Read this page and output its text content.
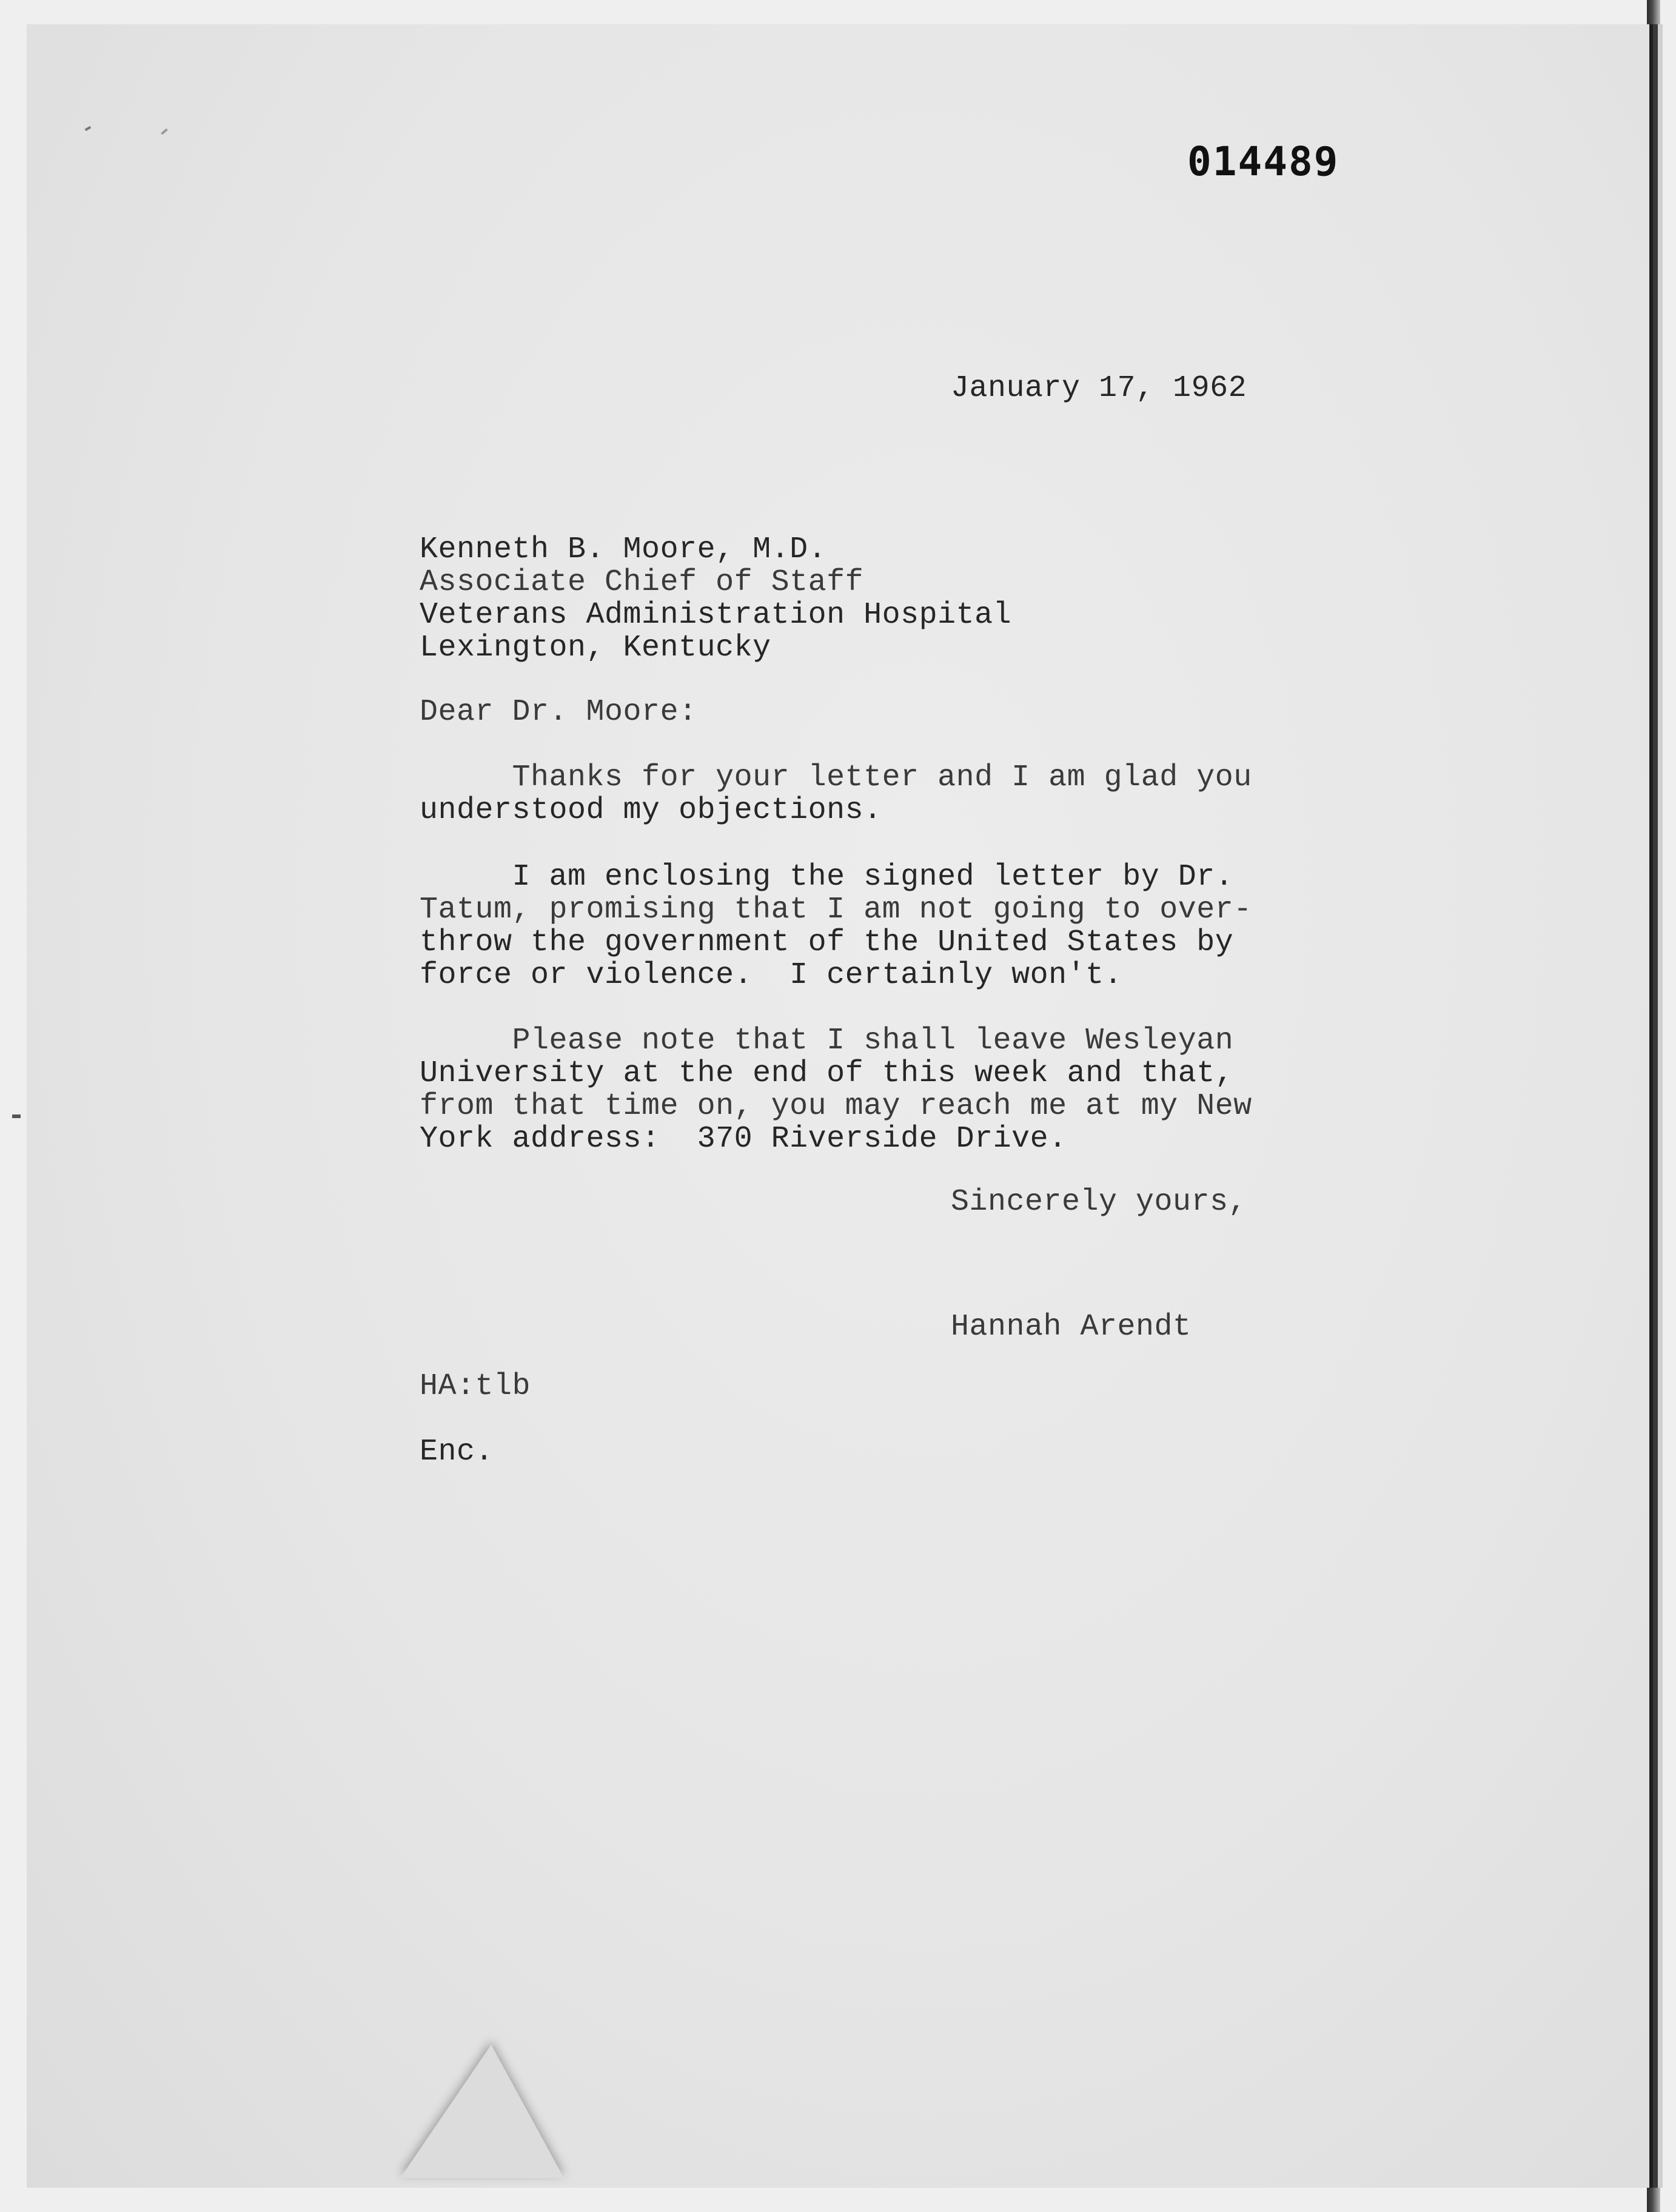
014489
January 17, 1962
Kenneth B. Moore, M.D.
Associate Chief of Staff
Veterans Administration Hospital
Lexington, Kentucky
Dear Dr. Moore:
Thanks for your letter and I am glad you
understood my objections.
I am enclosing the signed letter by Dr.
Tatum, promising that I am not going to over-
throw the government of the United States by
force or violence.  I certainly won't.
Please note that I shall leave Wesleyan
University at the end of this week and that,
from that time on, you may reach me at my New
York address:  370 Riverside Drive.
Sincerely yours,
Hannah Arendt
HA:tlb
Enc.
